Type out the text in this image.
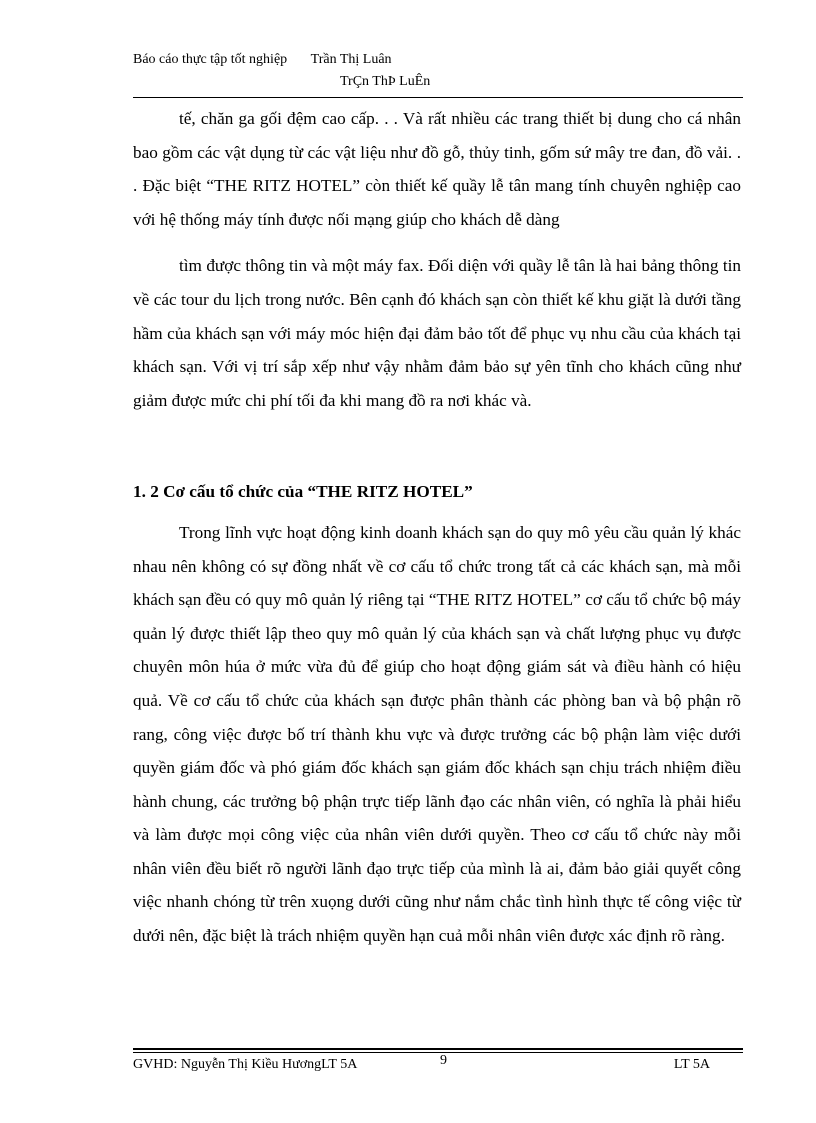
Báo cáo thực tập tốt nghiệp Trần Thị Luân
TrÇn ThÞ LuÊn

tế, chăn ga gối đệm cao cấp. . . Và rất nhiều các trang thiết bị dung cho cá nhân bao gồm các vật dụng từ các vật liệu như đồ gỗ, thủy tinh, gốm sứ mây tre đan, đồ vải. . . Đặc biệt “THE RITZ HOTEL” còn thiết kế quầy lễ tân mang tính chuyên nghiệp cao với hệ thống máy tính được nối mạng giúp cho khách dễ dàng

tìm được thông tin và một máy fax. Đối diện với quầy lễ tân là hai bảng thông tin về các tour du lịch trong nước. Bên cạnh đó khách sạn còn thiết kế khu giặt là dưới tầng hầm của khách sạn với máy móc hiện đại đảm bảo tốt để phục vụ nhu cầu của khách tại khách sạn. Với vị trí sắp xếp như vậy nhằm đảm bảo sự yên tĩnh cho khách cũng như giảm được mức chi phí tối đa khi mang đồ ra nơi khác và.

1. 2 Cơ cấu tổ chức của “THE RITZ HOTEL”

Trong lĩnh vực hoạt động kinh doanh khách sạn do quy mô yêu cầu quản lý khác nhau nên không có sự đồng nhất về cơ cấu tổ chức trong tất cả các khách sạn, mà mỗi khách sạn đều có quy mô quản lý riêng tại “THE RITZ HOTEL” cơ cấu tổ chức bộ máy quản lý được thiết lập theo quy mô quản lý của khách sạn và chất lượng phục vụ được chuyên môn húa ở mức vừa đủ để giúp cho hoạt động giám sát và điều hành có hiệu quả. Về cơ cấu tổ chức của khách sạn được phân thành các phòng ban và bộ phận rõ rang, công việc được bố trí thành khu vực và được trưởng các bộ phận làm việc dưới quyền giám đốc và phó giám đốc khách sạn giám đốc khách sạn chịu trách nhiệm điều hành chung, các trưởng bộ phận trực tiếp lãnh đạo các nhân viên, có nghĩa là phải hiểu và làm được mọi công việc của nhân viên dưới quyền. Theo cơ cấu tổ chức này mỗi nhân viên đều biết rõ người lãnh đạo trực tiếp của mình là ai, đảm bảo giải quyết công việc nhanh chóng từ trên xuọng dưới cũng như nắm chắc tình hình thực tế công việc từ dưới nên, đặc biệt là trách nhiệm quyền hạn cuả mỗi nhân viên được xác định rõ ràng.

GVHD: Nguyễn Thị Kiều HươngLT 5A	9	LT 5A
